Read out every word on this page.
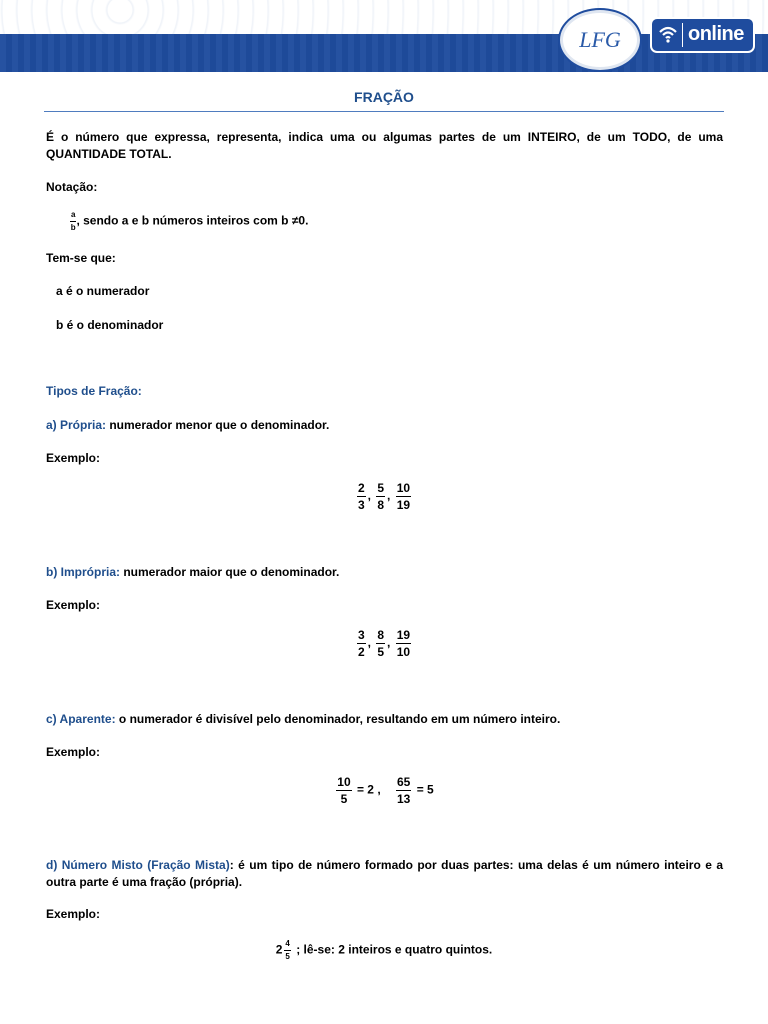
LFG	online
FRAÇÃO
É o número que expressa, representa, indica uma ou algumas partes de um INTEIRO, de um TODO, de uma QUANTIDADE TOTAL.
Notação:
$\frac{a}{b}$ , sendo a e b números inteiros com b ≠0.
Tem-se que:
a é o numerador
b é o denominador
Tipos de Fração:
a) Própria: numerador menor que o denominador.
Exemplo:
$\frac{2}{3}$ , $\frac{5}{8}$ , $\frac{10}{19}$
b) Imprópria: numerador maior que o denominador.
Exemplo:
$\frac{3}{2}$ , $\frac{8}{5}$ , $\frac{19}{10}$
c) Aparente: o numerador é divisível pelo denominador, resultando em um número inteiro.
Exemplo:
$\frac{10}{5} = 2$ , $\frac{65}{13} = 5$
d) Número Misto (Fração Mista): é um tipo de número formado por duas partes: uma delas é um número inteiro e a outra parte é uma fração (própria).
Exemplo:
$2 \frac{4}{5}$ ; lê-se: 2 inteiros e quatro quintos.
